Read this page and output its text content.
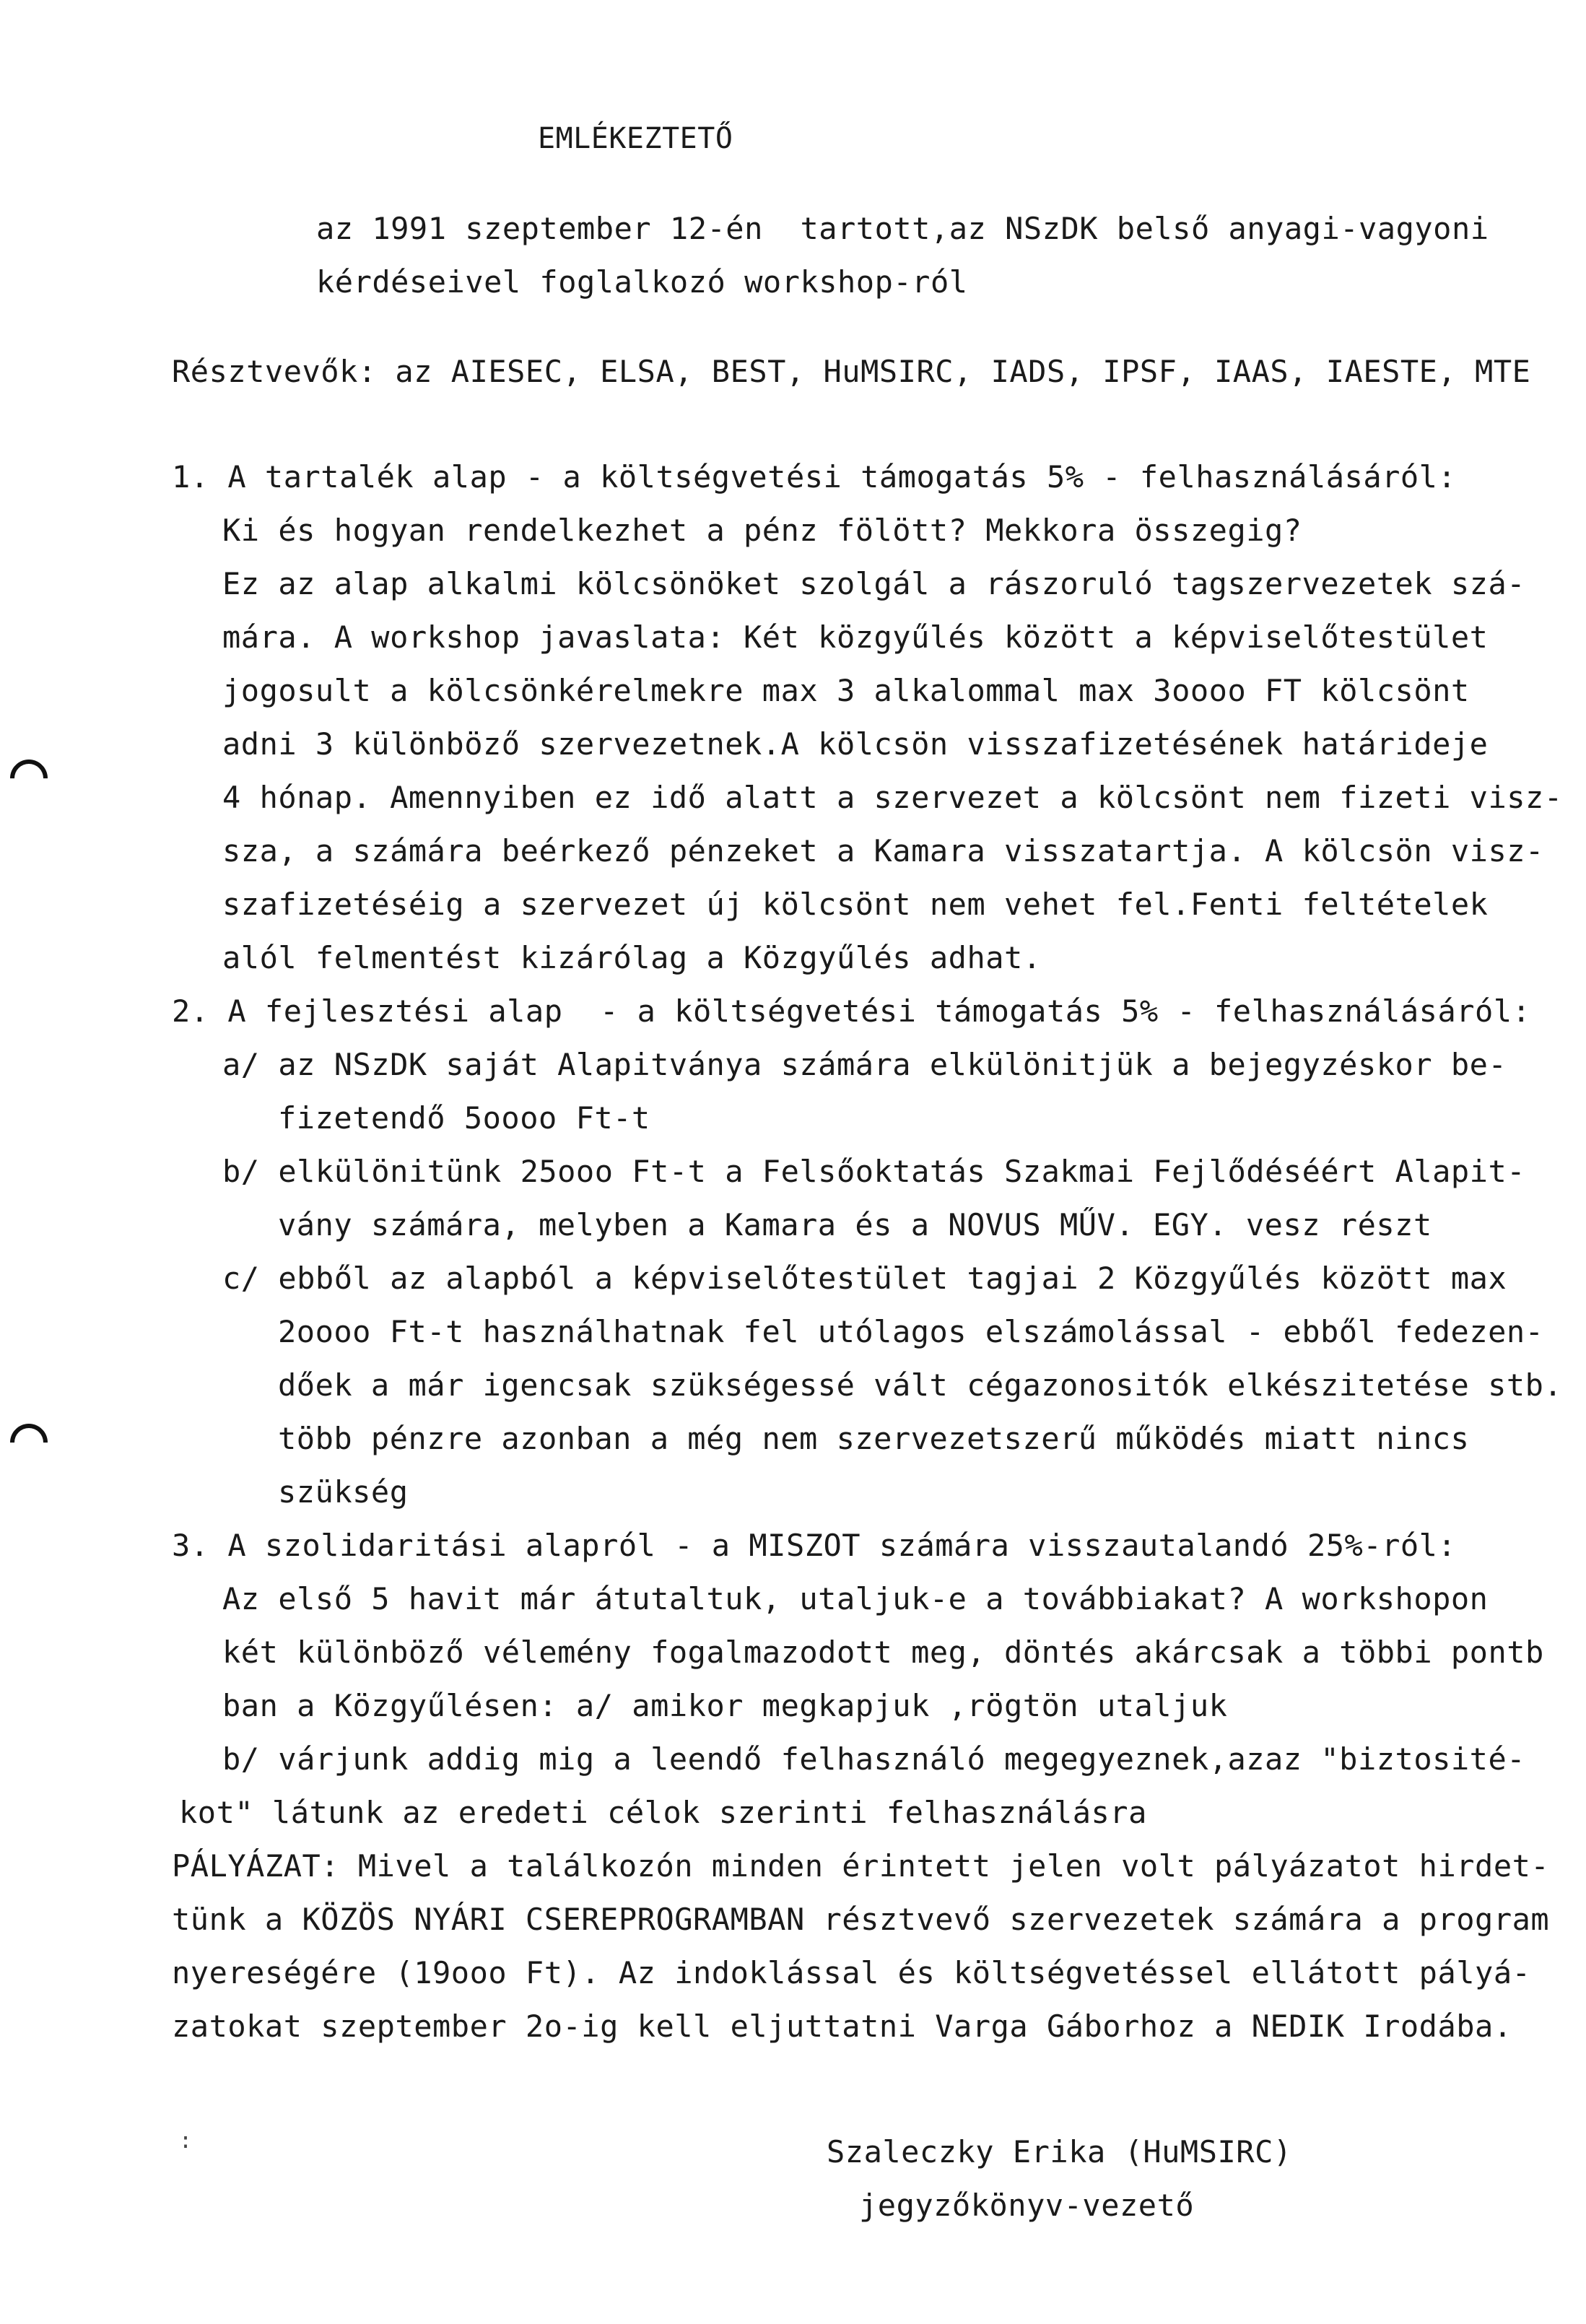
EMLÉKEZTETŐ
az 1991 szeptember 12-én  tartott,az NSzDK belső anyagi-vagyoni
kérdéseivel foglalkozó workshop-ról
Résztvevők: az AIESEC, ELSA, BEST, HuMSIRC, IADS, IPSF, IAAS, IAESTE, MTE
1. A tartalék alap - a költségvetési támogatás 5% - felhasználásáról:
Ki és hogyan rendelkezhet a pénz fölött? Mekkora összegig?
Ez az alap alkalmi kölcsönöket szolgál a rászoruló tagszervezetek szá-
mára. A workshop javaslata: Két közgyűlés között a képviselőtestület
jogosult a kölcsönkérelmekre max 3 alkalommal max 3oooo FT kölcsönt
adni 3 különböző szervezetnek.A kölcsön visszafizetésének határideje
4 hónap. Amennyiben ez idő alatt a szervezet a kölcsönt nem fizeti visz-
sza, a számára beérkező pénzeket a Kamara visszatartja. A kölcsön visz-
szafizetéséig a szervezet új kölcsönt nem vehet fel.Fenti feltételek
alól felmentést kizárólag a Közgyűlés adhat.
2. A fejlesztési alap  - a költségvetési támogatás 5% - felhasználásáról:
a/ az NSzDK saját Alapitványa számára elkülönitjük a bejegyzéskor be-
fizetendő 5oooo Ft-t
b/ elkülönitünk 25ooo Ft-t a Felsőoktatás Szakmai Fejlődéséért Alapit-
vány számára, melyben a Kamara és a NOVUS MŰV. EGY. vesz részt
c/ ebből az alapból a képviselőtestület tagjai 2 Közgyűlés között max
2oooo Ft-t használhatnak fel utólagos elszámolással - ebből fedezen-
dőek a már igencsak szükségessé vált cégazonositók elkészitetése stb.
több pénzre azonban a még nem szervezetszerű működés miatt nincs
szükség
3. A szolidaritási alapról - a MISZOT számára visszautalandó 25%-ról:
Az első 5 havit már átutaltuk, utaljuk-e a továbbiakat? A workshopon
két különböző vélemény fogalmazodott meg, döntés akárcsak a többi pontb
ban a Közgyűlésen: a/ amikor megkapjuk ,rögtön utaljuk
b/ várjunk addig mig a leendő felhasználó megegyeznek,azaz "biztosité-
kot" látunk az eredeti célok szerinti felhasználásra
PÁLYÁZAT: Mivel a találkozón minden érintett jelen volt pályázatot hirdet-
tünk a KÖZÖS NYÁRI CSEREPROGRAMBAN résztvevő szervezetek számára a program
nyereségére (19ooo Ft). Az indoklással és költségvetéssel ellátott pályá-
zatokat szeptember 2o-ig kell eljuttatni Varga Gáborhoz a NEDIK Irodába.
Szaleczky Erika (HuMSIRC)
jegyzőkönyv-vezető
:
